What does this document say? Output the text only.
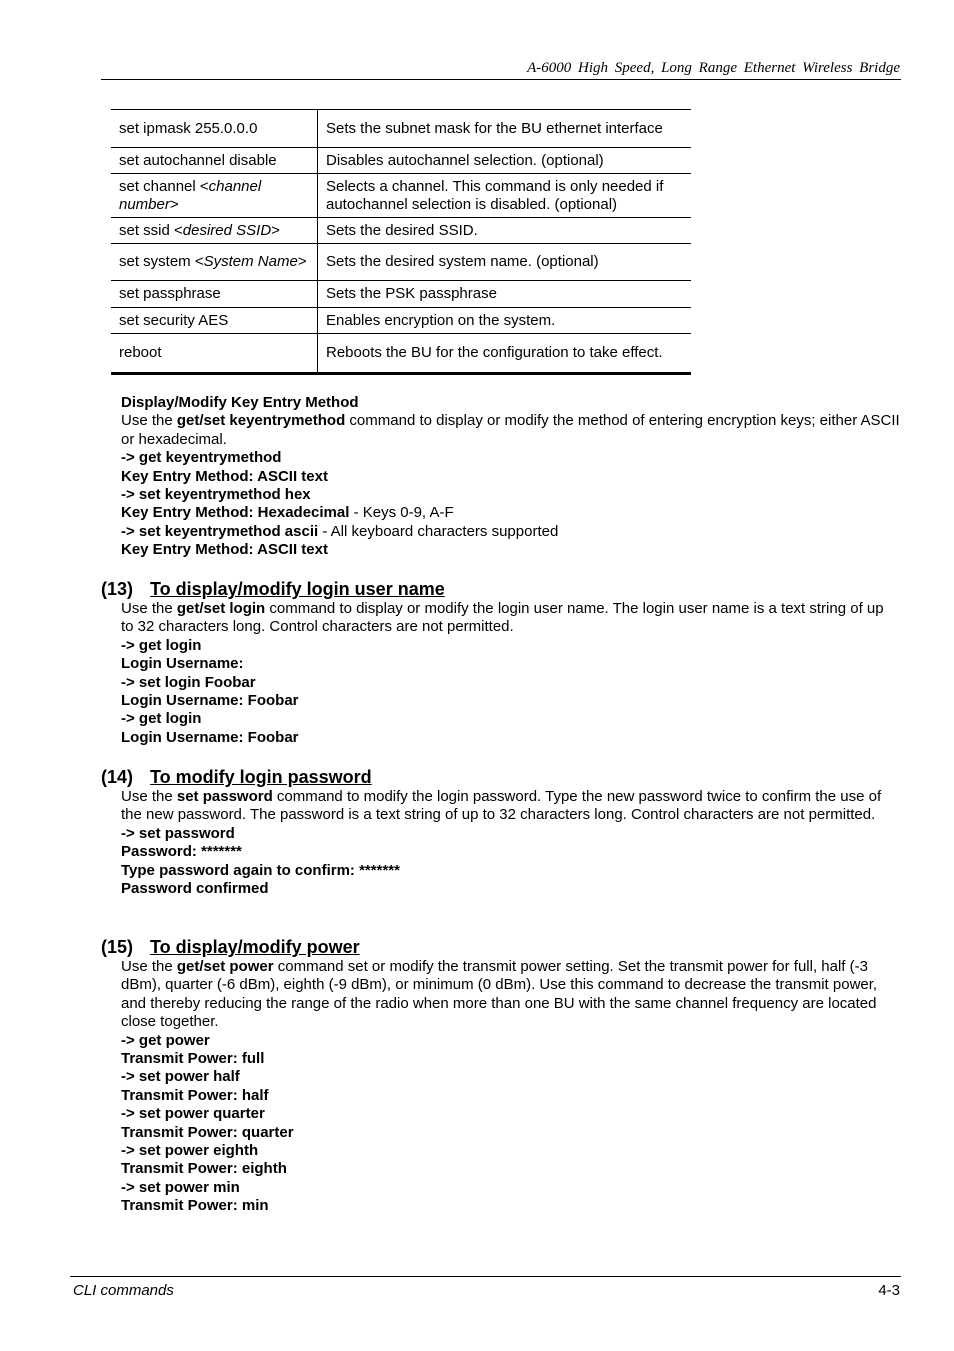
A-6000 High Speed, Long Range Ethernet Wireless Bridge
set ipmask 255.0.0.0	Sets the subnet mask for the BU ethernet interface
set autochannel disable	Disables autochannel selection. (optional)
set channel <channel number>	Selects a channel. This command is only needed if autochannel selection is disabled. (optional)
set ssid <desired SSID>	Sets the desired SSID.
set system <System Name>	Sets the desired system name. (optional)
set passphrase	Sets the PSK passphrase
set security AES	Enables encryption on the system.
reboot	Reboots the BU for the configuration to take effect.

Display/Modify Key Entry Method

Use the get/set keyentrymethod command to display or modify the method of entering encryption keys; either ASCII or hexadecimal.

-> get keyentrymethod

Key Entry Method: ASCII text

-> set keyentrymethod hex

Key Entry Method: Hexadecimal - Keys 0-9, A-F

-> set keyentrymethod ascii - All keyboard characters supported

Key Entry Method: ASCII text

(13) To display/modify login user name

Use the get/set login command to display or modify the login user name. The login user name is a text string of up to 32 characters long. Control characters are not permitted.

-> get login

Login Username:

-> set login Foobar

Login Username: Foobar

-> get login

Login Username: Foobar

(14) To modify login password

Use the set password command to modify the login password. Type the new password twice to confirm the use of the new password. The password is a text string of up to 32 characters long. Control characters are not permitted.

-> set password

Password: *******

Type password again to confirm: *******

Password confirmed

(15) To display/modify power

Use the get/set power command set or modify the transmit power setting. Set the transmit power for full, half (-3 dBm), quarter (-6 dBm), eighth (-9 dBm), or minimum (0 dBm). Use this command to decrease the transmit power, and thereby reducing the range of the radio when more than one BU with the same channel frequency are located close together.

-> get power

Transmit Power: full

-> set power half

Transmit Power: half

-> set power quarter

Transmit Power: quarter

-> set power eighth

Transmit Power: eighth

-> set power min

Transmit Power: min

CLI commands	4-3
